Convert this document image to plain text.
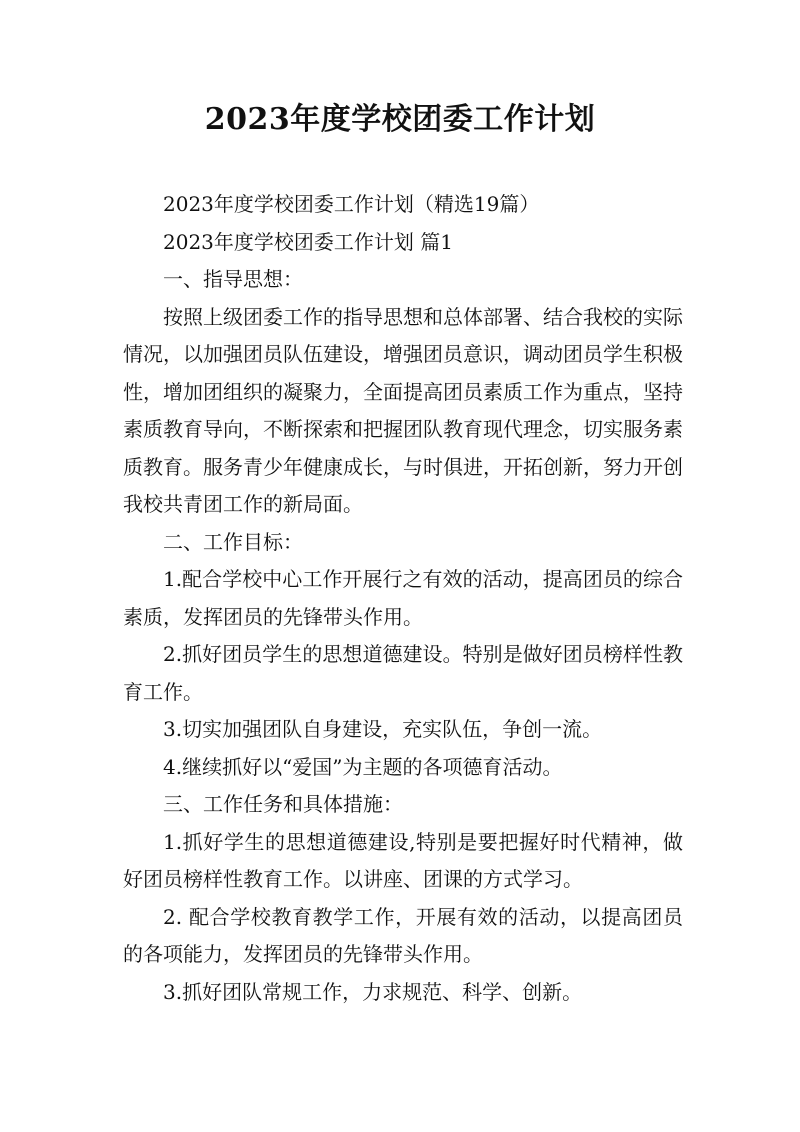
2023年度学校团委工作计划

2023年度学校团委工作计划（精选19篇）

2023年度学校团委工作计划 篇1

一、指导思想：

按照上级团委工作的指导思想和总体部署、结合我校的实际情况，以加强团员队伍建设，增强团员意识，调动团员学生积极性，增加团组织的凝聚力，全面提高团员素质工作为重点，坚持素质教育导向，不断探索和把握团队教育现代理念，切实服务素质教育。服务青少年健康成长，与时俱进，开拓创新，努力开创我校共青团工作的新局面。

二、工作目标：

1.配合学校中心工作开展行之有效的活动，提高团员的综合素质，发挥团员的先锋带头作用。

2.抓好团员学生的思想道德建设。特别是做好团员榜样性教育工作。

3.切实加强团队自身建设，充实队伍，争创一流。

4.继续抓好以“爱国”为主题的各项德育活动。

三、工作任务和具体措施：

1.抓好学生的思想道德建设,特别是要把握好时代精神，做好团员榜样性教育工作。以讲座、团课的方式学习。

2. 配合学校教育教学工作，开展有效的活动，以提高团员的各项能力，发挥团员的先锋带头作用。

3.抓好团队常规工作，力求规范、科学、创新。
